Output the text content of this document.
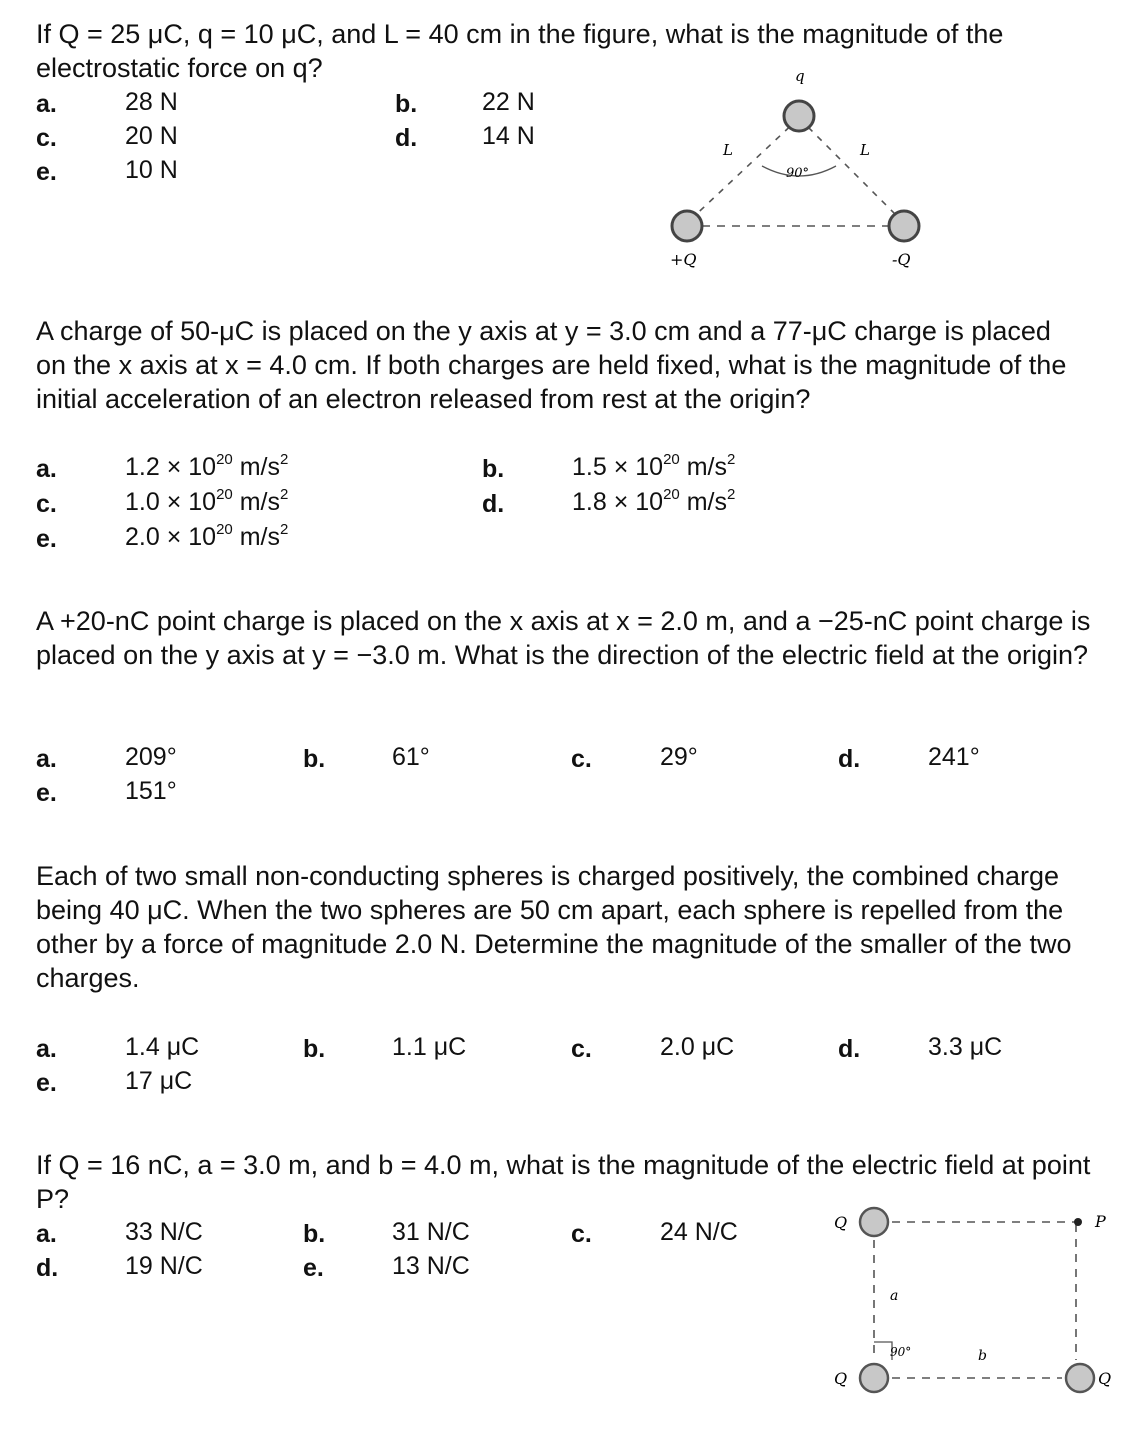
If Q = 25 μC, q = 10 μC, and L = 40 cm in the figure, what is the magnitude of the electrostatic force on q?

a.	28 N	b.	22 N
c.	20 N	d.	14 N
e.	10 N
q
L	L
90°
+Q	-Q

A charge of 50-μC is placed on the y axis at y = 3.0 cm and a 77-μC charge is placed on the x axis at x = 4.0 cm. If both charges are held fixed, what is the magnitude of the initial acceleration of an electron released from rest at the origin?

a.	$1.2 \times 10^{20}$ $m/s^2$	b.	$1.5 \times 10^{20}$ $m/s^2$
c.	$1.0 \times 10^{20}$ $m/s^2$	d.	$1.8 \times 10^{20}$ $m/s^2$
e.	$2.0 \times 10^{20}$ $m/s^2$

A +20-nC point charge is placed on the x axis at x = 2.0 m, and a −25-nC point charge is placed on the y axis at y = −3.0 m. What is the direction of the electric field at the origin?

a.	209°	b.	61°	c.	29°	d.	241°
e.	151°

Each of two small non-conducting spheres is charged positively, the combined charge being 40 μC. When the two spheres are 50 cm apart, each sphere is repelled from the other by a force of magnitude 2.0 N. Determine the magnitude of the smaller of the two charges.

a.	1.4 μC	b.	1.1 μC	c.	2.0 μC	d.	3.3 μC
e.	17 μC

If Q = 16 nC, a = 3.0 m, and b = 4.0 m, what is the magnitude of the electric field at point P?

a.	33 N/C	b.	31 N/C	c.	24 N/C
d.	19 N/C	e.	13 N/C
Q	P
a
b
90°
Q	Q
